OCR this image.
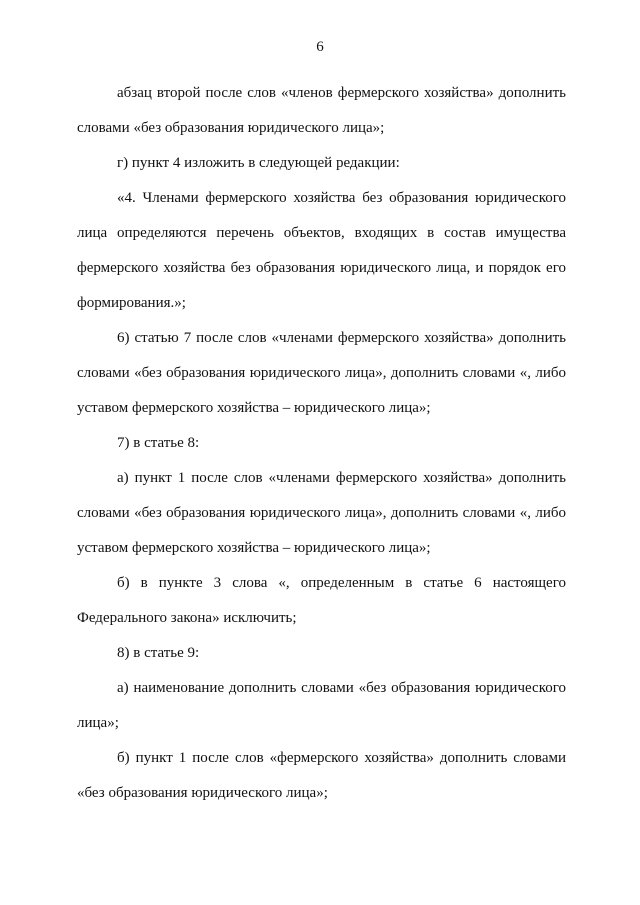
6

абзац второй после слов «членов фермерского хозяйства» дополнить словами «без образования юридического лица»;

г) пункт 4 изложить в следующей редакции:

«4. Членами фермерского хозяйства без образования юридического лица определяются перечень объектов, входящих в состав имущества фермерского хозяйства без образования юридического лица, и порядок его формирования.»;

6) статью 7 после слов «членами фермерского хозяйства» дополнить словами «без образования юридического лица», дополнить словами «, либо уставом фермерского хозяйства – юридического лица»;

7) в статье 8:

а) пункт 1 после слов «членами фермерского хозяйства» дополнить словами «без образования юридического лица», дополнить словами «, либо уставом фермерского хозяйства – юридического лица»;

б) в пункте 3 слова «, определенным в статье 6 настоящего Федерального закона» исключить;

8) в статье 9:

а) наименование дополнить словами «без образования юридического лица»;

б) пункт 1 после слов «фермерского хозяйства» дополнить словами «без образования юридического лица»;
